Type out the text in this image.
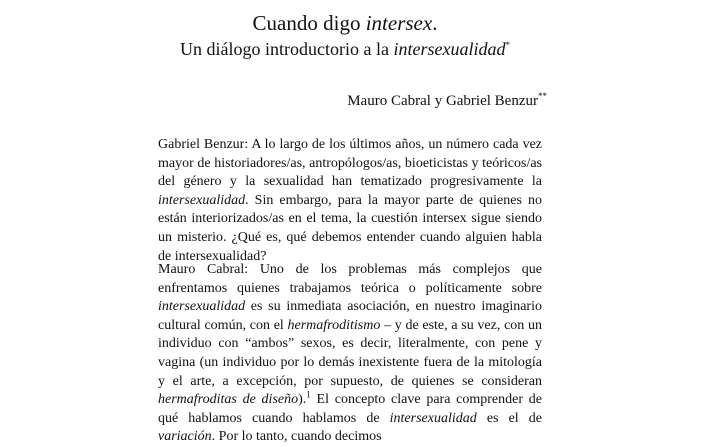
Cuando digo intersex.
Un diálogo introductorio a la intersexualidad*
Mauro Cabral y Gabriel Benzur**

Gabriel Benzur: A lo largo de los últimos años, un número cada vez mayor de historiadores/as, antropólogos/as, bioeticistas y teóricos/as del género y la sexualidad han tematizado progresivamente la intersexualidad. Sin embargo, para la mayor parte de quienes no están interiorizados/as en el tema, la cuestión intersex sigue siendo un misterio. ¿Qué es, qué debemos entender cuando alguien habla de intersexualidad?

Mauro Cabral: Uno de los problemas más complejos que enfrentamos quienes trabajamos teórica o políticamente sobre intersexualidad es su inmediata asociación, en nuestro imaginario cultural común, con el hermafroditismo – y de este, a su vez, con un individuo con “ambos” sexos, es decir, literalmente, con pene y vagina (un individuo por lo demás inexistente fuera de la mitología y el arte, a excepción, por supuesto, de quienes se consideran hermafroditas de diseño).$^1$ El concepto clave para comprender de qué hablamos cuando hablamos de intersexualidad es el de variación. Por lo tanto, cuando decimos
